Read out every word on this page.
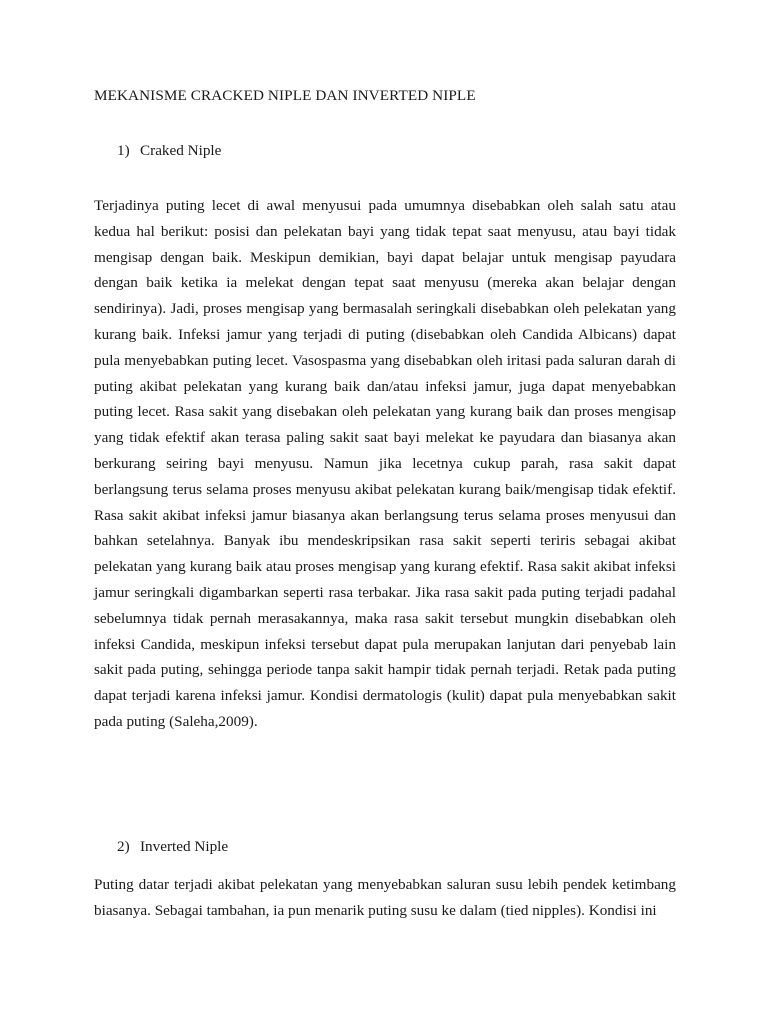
MEKANISME CRACKED NIPLE DAN INVERTED NIPLE
1) Craked Niple
Terjadinya puting lecet di awal menyusui pada umumnya disebabkan oleh salah satu atau kedua hal berikut: posisi dan pelekatan bayi yang tidak tepat saat menyusu, atau bayi tidak mengisap dengan baik. Meskipun demikian, bayi dapat belajar untuk mengisap payudara dengan baik ketika ia melekat dengan tepat saat menyusu (mereka akan belajar dengan sendirinya). Jadi, proses mengisap yang bermasalah seringkali disebabkan oleh pelekatan yang kurang baik. Infeksi jamur yang terjadi di puting (disebabkan oleh Candida Albicans) dapat pula menyebabkan puting lecet. Vasospasma yang disebabkan oleh iritasi pada saluran darah di puting akibat pelekatan yang kurang baik dan/atau infeksi jamur, juga dapat menyebabkan puting lecet. Rasa sakit yang disebakan oleh pelekatan yang kurang baik dan proses mengisap yang tidak efektif akan terasa paling sakit saat bayi melekat ke payudara dan biasanya akan berkurang seiring bayi menyusu. Namun jika lecetnya cukup parah, rasa sakit dapat berlangsung terus selama proses menyusu akibat pelekatan kurang baik/mengisap tidak efektif. Rasa sakit akibat infeksi jamur biasanya akan berlangsung terus selama proses menyusui dan bahkan setelahnya. Banyak ibu mendeskripsikan rasa sakit seperti teriris sebagai akibat pelekatan yang kurang baik atau proses mengisap yang kurang efektif. Rasa sakit akibat infeksi jamur seringkali digambarkan seperti rasa terbakar. Jika rasa sakit pada puting terjadi padahal sebelumnya tidak pernah merasakannya, maka rasa sakit tersebut mungkin disebabkan oleh infeksi Candida, meskipun infeksi tersebut dapat pula merupakan lanjutan dari penyebab lain sakit pada puting, sehingga periode tanpa sakit hampir tidak pernah terjadi. Retak pada puting dapat terjadi karena infeksi jamur. Kondisi dermatologis (kulit) dapat pula menyebabkan sakit pada puting (Saleha,2009).
2) Inverted Niple
Puting datar terjadi akibat pelekatan yang menyebabkan saluran susu lebih pendek ketimbang biasanya. Sebagai tambahan, ia pun menarik puting susu ke dalam (tied nipples). Kondisi ini
